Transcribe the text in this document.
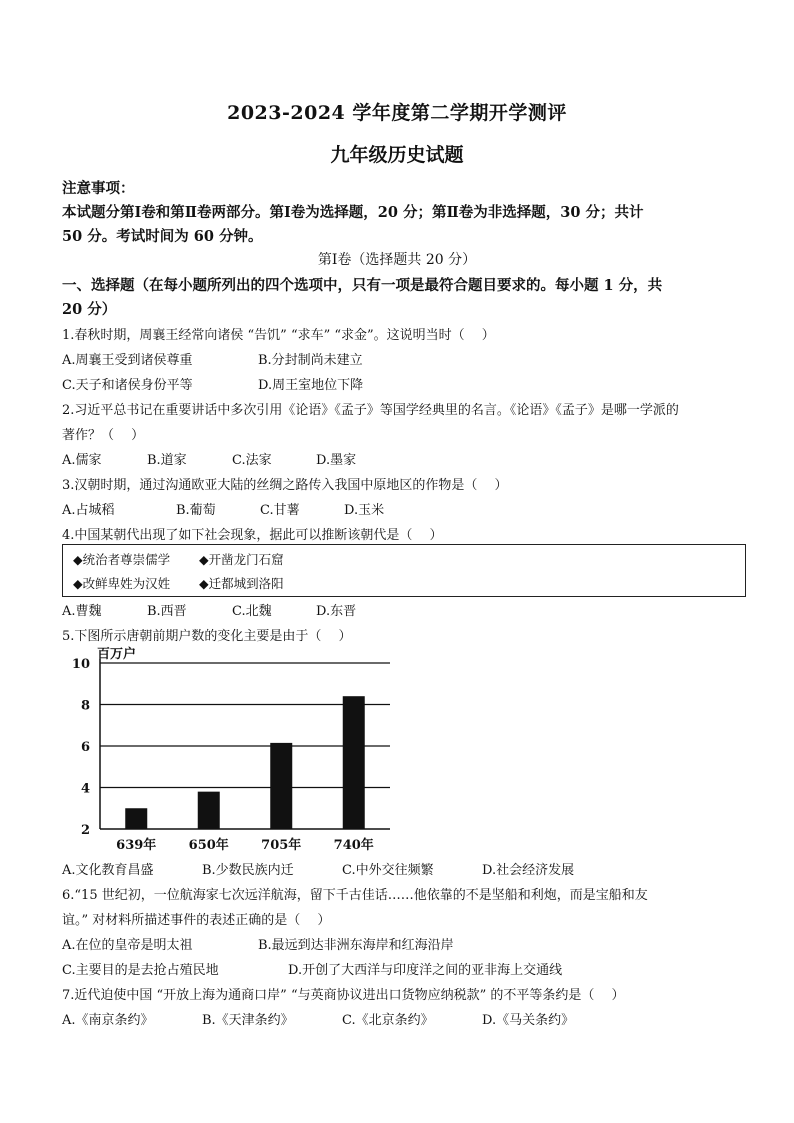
2023-2024 学年度第二学期开学测评
九年级历史试题
注意事项：
本试题分第Ⅰ卷和第Ⅱ卷两部分。第Ⅰ卷为选择题，20 分；第Ⅱ卷为非选择题，30 分；共计
50 分。考试时间为 60 分钟。
第Ⅰ卷（选择题共 20 分）
一、选择题（在每小题所列出的四个选项中，只有一项是最符合题目要求的。每小题 1 分，共
20 分）
1.春秋时期，周襄王经常向诸侯 “告饥” “求车” “求金”。这说明当时（　 ）
A.周襄王受到诸侯尊重	B.分封制尚未建立
C.天子和诸侯身份平等	D.周王室地位下降
2.习近平总书记在重要讲话中多次引用《论语》《孟子》等国学经典里的名言。《论语》《孟子》是哪一学派的
著作？（　 ）
A.儒家	B.道家	C.法家	D.墨家
3.汉朝时期，通过沟通欧亚大陆的丝绸之路传入我国中原地区的作物是（　 ）
A.占城稻	B.葡萄	C.甘薯	D.玉米
4.中国某朝代出现了如下社会现象，据此可以推断该朝代是（　 ）
◆统治者尊崇儒学 ◆开凿龙门石窟
◆改鲜卑姓为汉姓 ◆迁都城到洛阳
A.曹魏	B.西晋	C.北魏	D.东晋
5.下图所示唐朝前期户数的变化主要是由于（　 ）
2
4
6
8
10
百万户
639年 650年 705年 740年
A.文化教育昌盛	B.少数民族内迁	C.中外交往频繁	D.社会经济发展
6.“15 世纪初，一位航海家七次远洋航海，留下千古佳话……他依靠的不是坚船和利炮，而是宝船和友
谊。” 对材料所描述事件的表述正确的是（　 ）
A.在位的皇帝是明太祖	B.最远到达非洲东海岸和红海沿岸
C.主要目的是去抢占殖民地	D.开创了大西洋与印度洋之间的亚非海上交通线
7.近代迫使中国 “开放上海为通商口岸” “与英商协议进出口货物应纳税款” 的不平等条约是（　 ）
A.《南京条约》	B.《天津条约》	C.《北京条约》	D.《马关条约》
